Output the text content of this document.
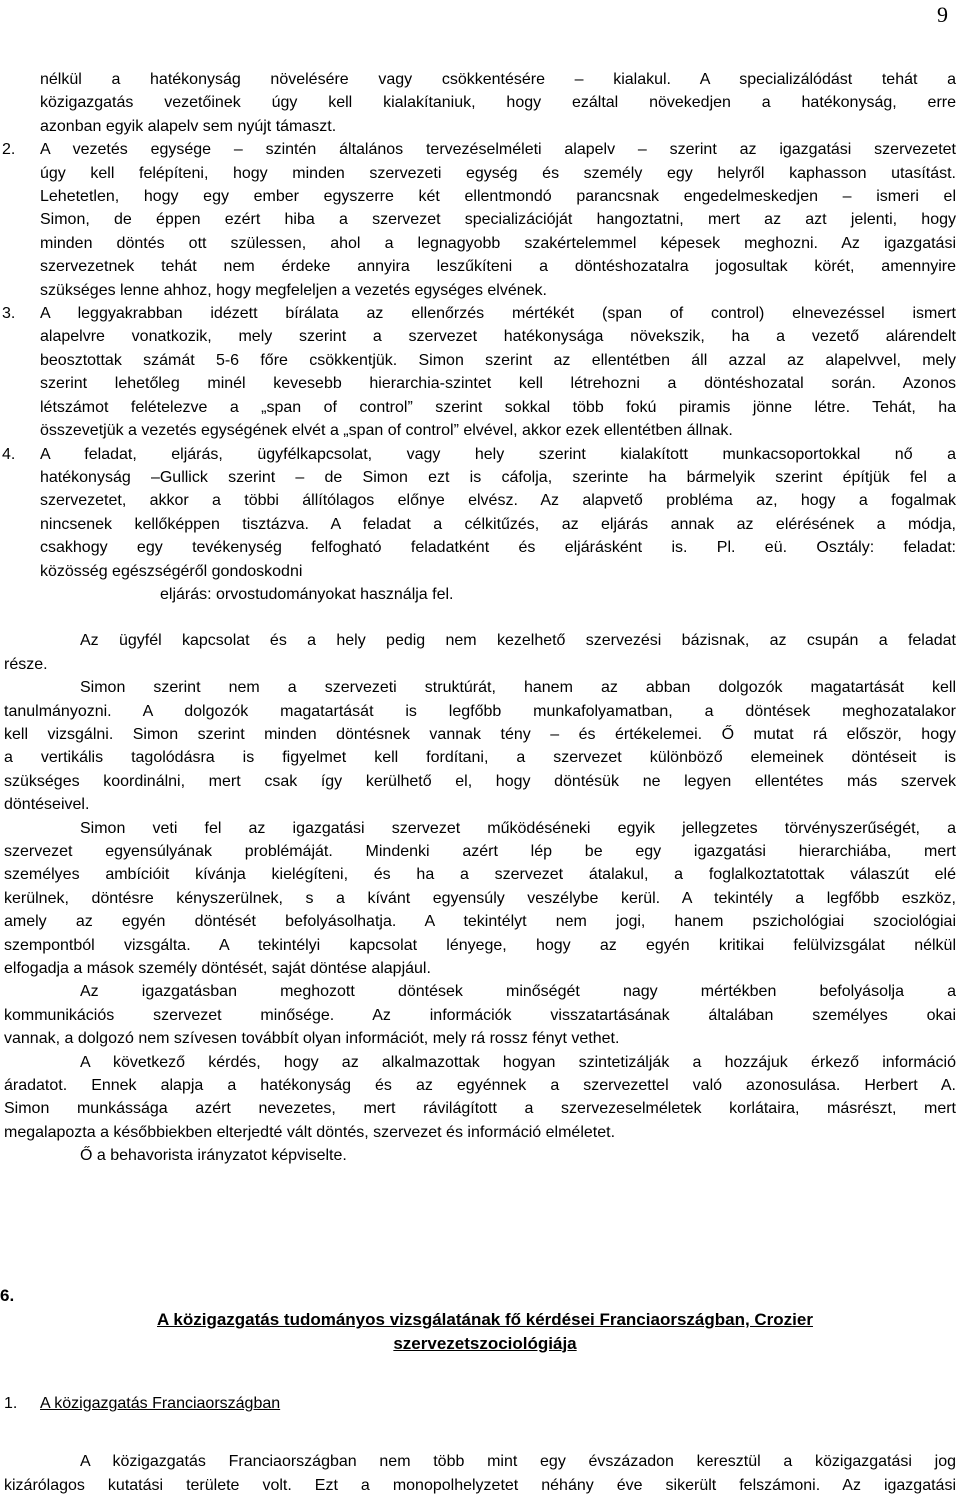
9
nélkül a hatékonyság növelésére vagy csökkentésére – kialakul. A specializálódást tehát a
közigazgatás vezetőinek úgy kell kialakítaniuk, hogy ezáltal növekedjen a hatékonyság, erre
azonban egyik alapelv sem nyújt támaszt.
2. A vezetés egysége – szintén általános tervezéselméleti alapelv – szerint az igazgatási szervezetet
úgy kell felépíteni, hogy minden szervezeti egység és személy egy helyről kaphasson utasítást.
Lehetetlen, hogy egy ember egyszerre két ellentmondó parancsnak engedelmeskedjen – ismeri el
Simon, de éppen ezért hiba a szervezet specializációját hangoztatni, mert az azt jelenti, hogy
minden döntés ott szülessen, ahol a legnagyobb szakértelemmel képesek meghozni. Az igazgatási
szervezetnek tehát nem érdeke annyira leszűkíteni a döntéshozatalra jogosultak körét, amennyire
szükséges lenne ahhoz, hogy megfeleljen a vezetés egységes elvének.
3. A leggyakrabban idézett bírálata az ellenőrzés mértékét (span of control) elnevezéssel ismert
alapelvre vonatkozik, mely szerint a szervezet hatékonysága növekszik, ha a vezető alárendelt
beosztottak számát 5-6 főre csökkentjük. Simon szerint az ellentétben áll azzal az alapelvvel, mely
szerint lehetőleg minél kevesebb hierarchia-szintet kell létrehozni a döntéshozatal során. Azonos
létszámot felételezve a „span of control” szerint sokkal több fokú piramis jönne létre. Tehát, ha
összevetjük a vezetés egységének elvét a „span of control” elvével, akkor ezek ellentétben állnak.
4. A feladat, eljárás, ügyfélkapcsolat, vagy hely szerint kialakított munkacsoportokkal nő a
hatékonyság –Gullick szerint – de Simon ezt is cáfolja, szerinte ha bármelyik szerint építjük fel a
szervezetet, akkor a többi állítólagos előnye elvész. Az alapvető probléma az, hogy a fogalmak
nincsenek kellőképpen tisztázva. A feladat a célkitűzés, az eljárás annak az elérésének a módja,
csakhogy egy tevékenység felfogható feladatként és eljárásként is. Pl. eü. Osztály: feladat:
közösség egészségéről gondoskodni
eljárás: orvostudományokat használja fel.
Az ügyfél kapcsolat és a hely pedig nem kezelhető szervezési bázisnak, az csupán a feladat
része.
Simon szerint nem a szervezeti struktúrát, hanem az abban dolgozók magatartását kell
tanulmányozni. A dolgozók magatartását is legfőbb munkafolyamatban, a döntések meghozatalakor
kell vizsgálni. Simon szerint minden döntésnek vannak tény – és értékelemei. Ő mutat rá először, hogy
a vertikális tagolódásra is figyelmet kell fordítani, a szervezet különböző elemeinek döntéseit is
szükséges koordinálni, mert csak így kerülhető el, hogy döntésük ne legyen ellentétes más szervek
döntéseivel.
Simon veti fel az igazgatási szervezet működéséneki egyik jellegzetes törvényszerűségét, a
szervezet egyensúlyának problémáját. Mindenki azért lép be egy igazgatási hierarchiába, mert
személyes ambícióit kívánja kielégíteni, és ha a szervezet átalakul, a foglalkoztatottak válaszút elé
kerülnek, döntésre kényszerülnek, s a kívánt egyensúly veszélybe kerül. A tekintély a legfőbb eszköz,
amely az egyén döntését befolyásolhatja. A tekintélyt nem jogi, hanem pszichológiai szociológiai
szempontból vizsgálta. A tekintélyi kapcsolat lényege, hogy az egyén kritikai felülvizsgálat nélkül
elfogadja a mások személy döntését, saját döntése alapjául.
Az igazgatásban meghozott döntések minőségét nagy mértékben befolyásolja a
kommunikációs szervezet minősége. Az információk visszatartásának általában személyes okai
vannak, a dolgozó nem szívesen továbbít olyan információt, mely rá rossz fényt vethet.
A következő kérdés, hogy az alkalmazottak hogyan szintetizálják a hozzájuk érkező információ
áradatot. Ennek alapja a hatékonyság és az egyénnek a szervezettel való azonosulása. Herbert A.
Simon munkássága azért nevezetes, mert rávilágított a szervezeselméletek korlátaira, másrészt, mert
megalapozta a későbbiekben elterjedté vált döntés, szervezet és információ elméletet.
Ő a behavorista irányzatot képviselte.
6.
A közigazgatás tudományos vizsgálatának fő kérdései Franciaországban, Crozier
szervezetszociológiája
1. A közigazgatás Franciaországban
A közigazgatás Franciaországban nem több mint egy évszázadon keresztül a közigazgatási jog
kizárólagos kutatási területe volt. Ezt a monopolhelyzetet néhány éve sikerült felszámoni. Az igazgatási
